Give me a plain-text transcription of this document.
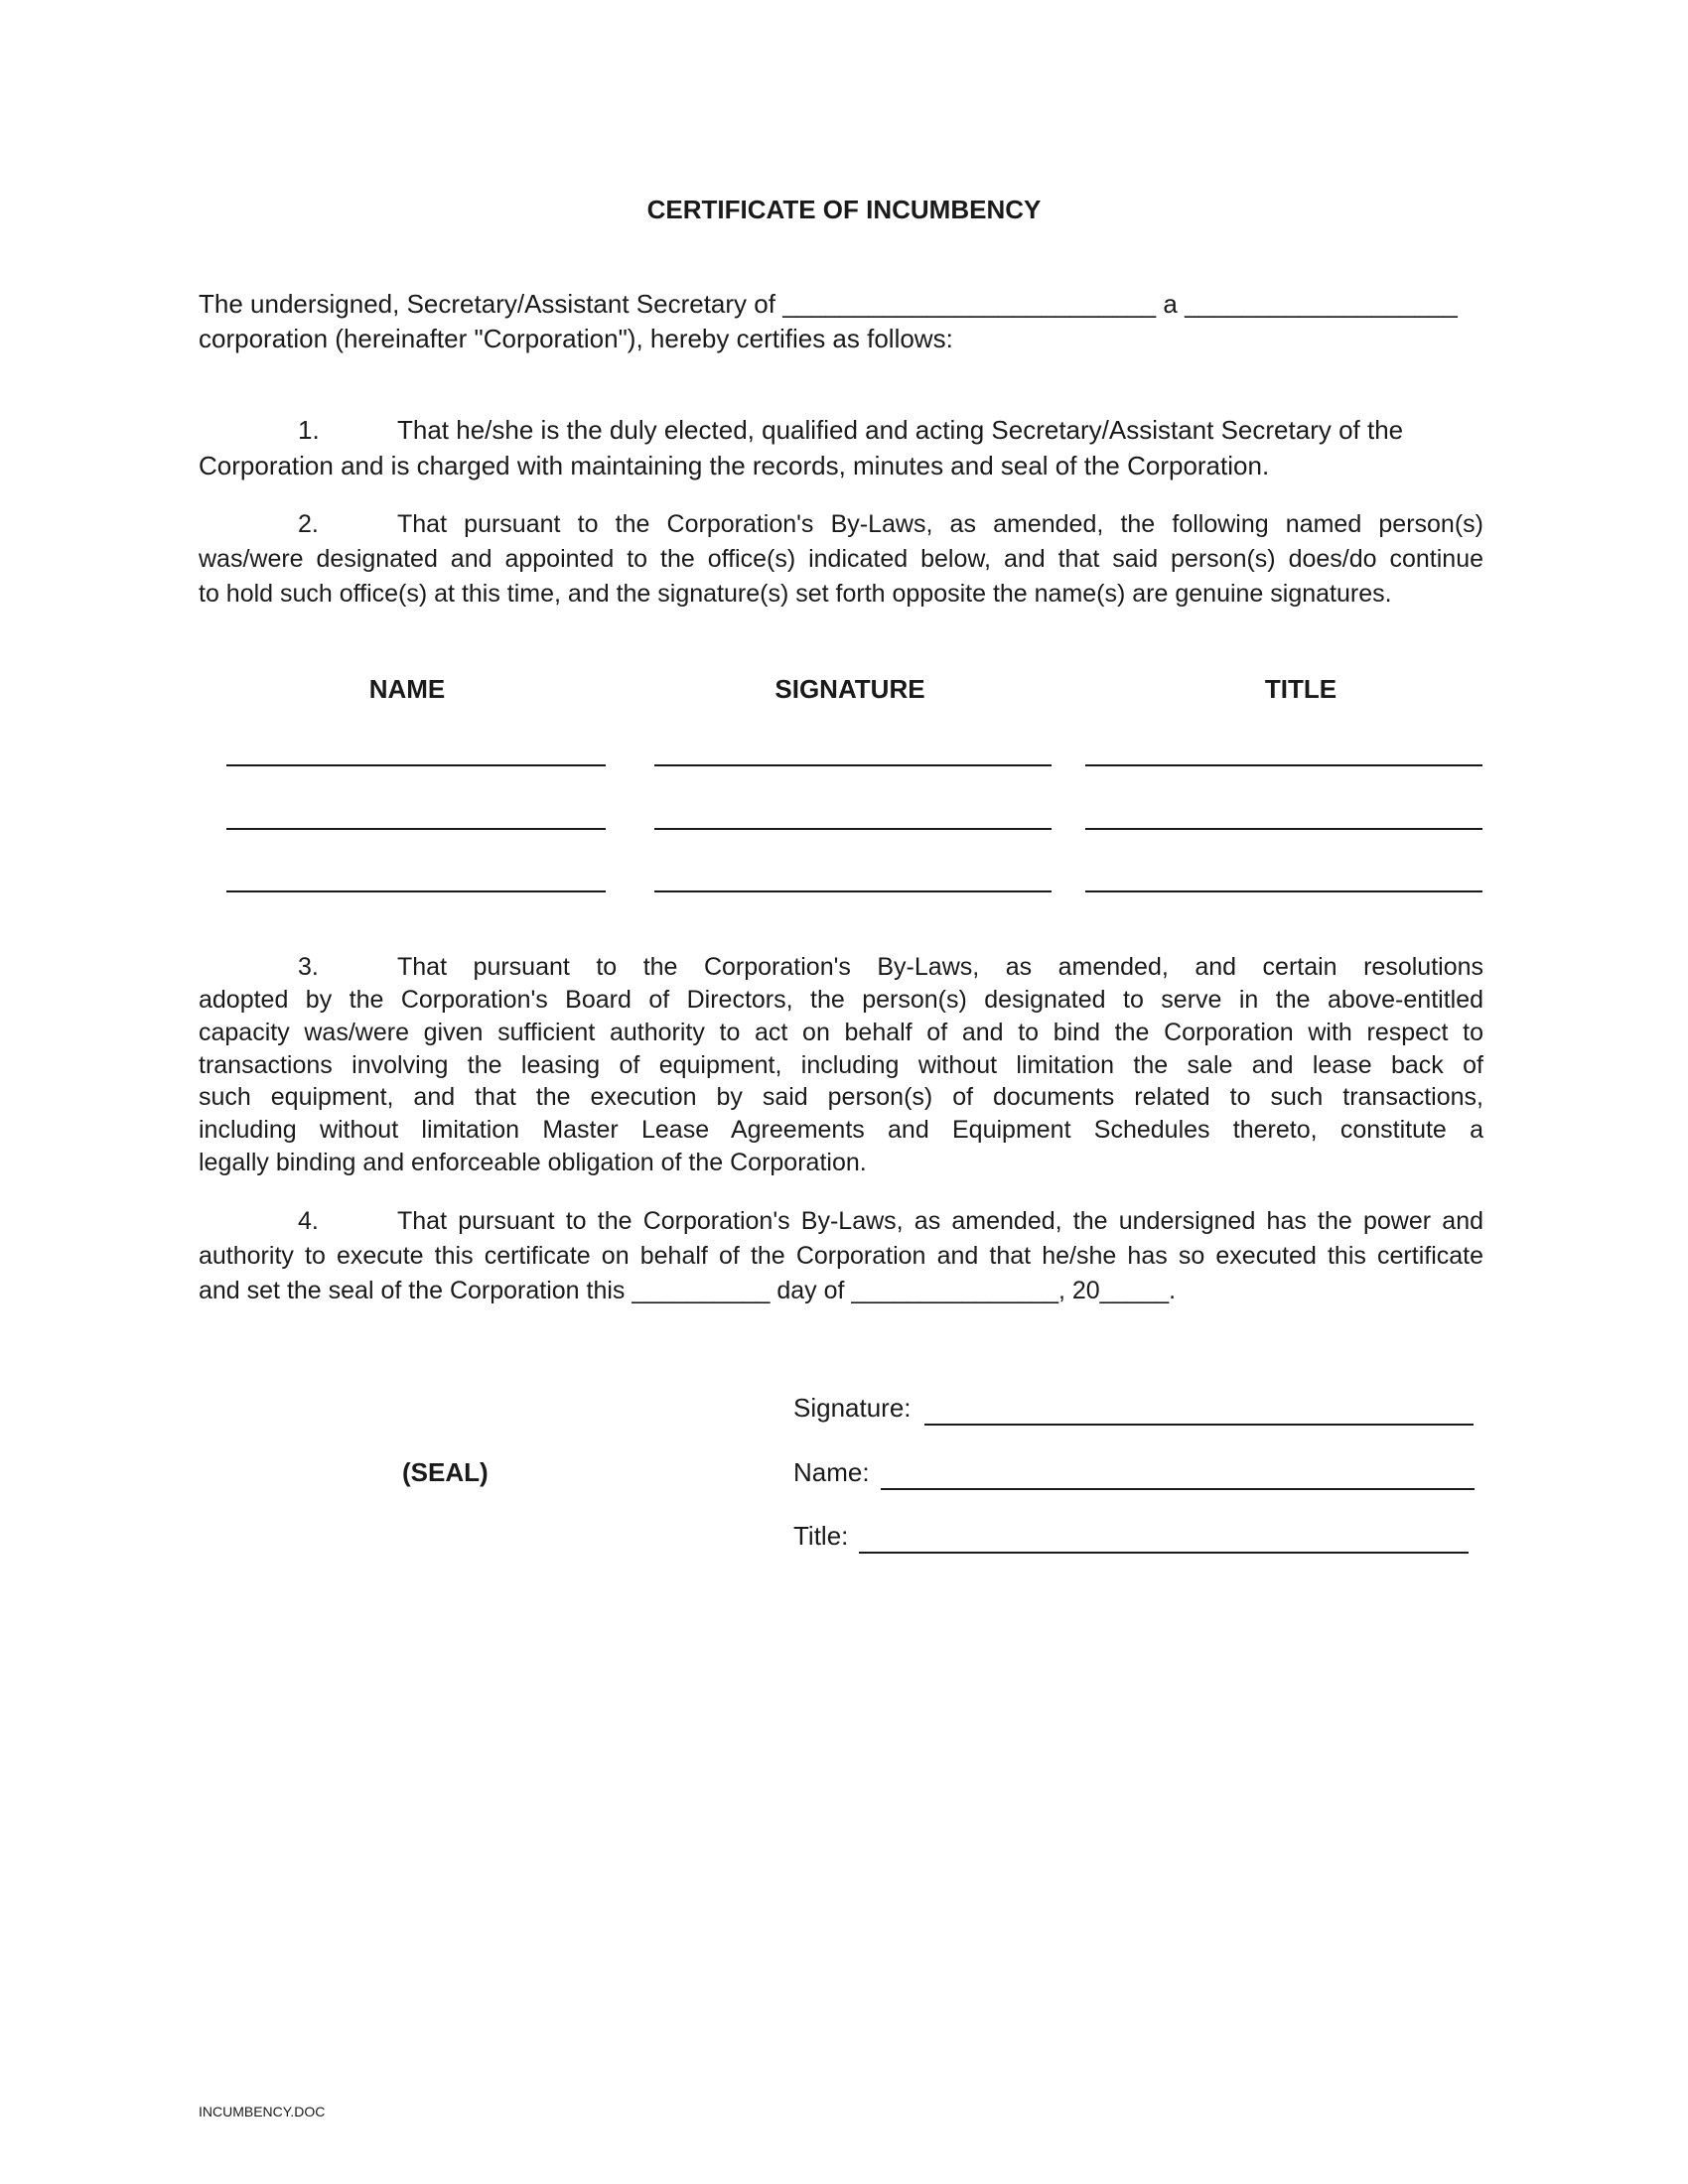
CERTIFICATE OF INCUMBENCY
The undersigned, Secretary/Assistant Secretary of __________________________ a ___________________
corporation (hereinafter "Corporation"), hereby certifies as follows:
1.	That he/she is the duly elected, qualified and acting Secretary/Assistant Secretary of the
Corporation and is charged with maintaining the records, minutes and seal of the Corporation.
2.	That pursuant to the Corporation's By-Laws, as amended, the following named person(s)
was/were designated and appointed to the office(s) indicated below, and that said person(s) does/do continue
to hold such office(s) at this time, and the signature(s) set forth opposite the name(s) are genuine signatures.
NAME	SIGNATURE	TITLE
3.	That pursuant to the Corporation's By-Laws, as amended, and certain resolutions
adopted by the Corporation's Board of Directors, the person(s) designated to serve in the above-entitled
capacity was/were given sufficient authority to act on behalf of and to bind the Corporation with respect to
transactions involving the leasing of equipment, including without limitation the sale and lease back of
such equipment, and that the execution by said person(s) of documents related to such transactions,
including without limitation Master Lease Agreements and Equipment Schedules thereto, constitute a
legally binding and enforceable obligation of the Corporation.
4.	That pursuant to the Corporation's By-Laws, as amended, the undersigned has the power and
authority to execute this certificate on behalf of the Corporation and that he/she has so executed this certificate
and set the seal of the Corporation this __________ day of _______________, 20_____.
Signature:
(SEAL)	Name:
Title:
INCUMBENCY.DOC
